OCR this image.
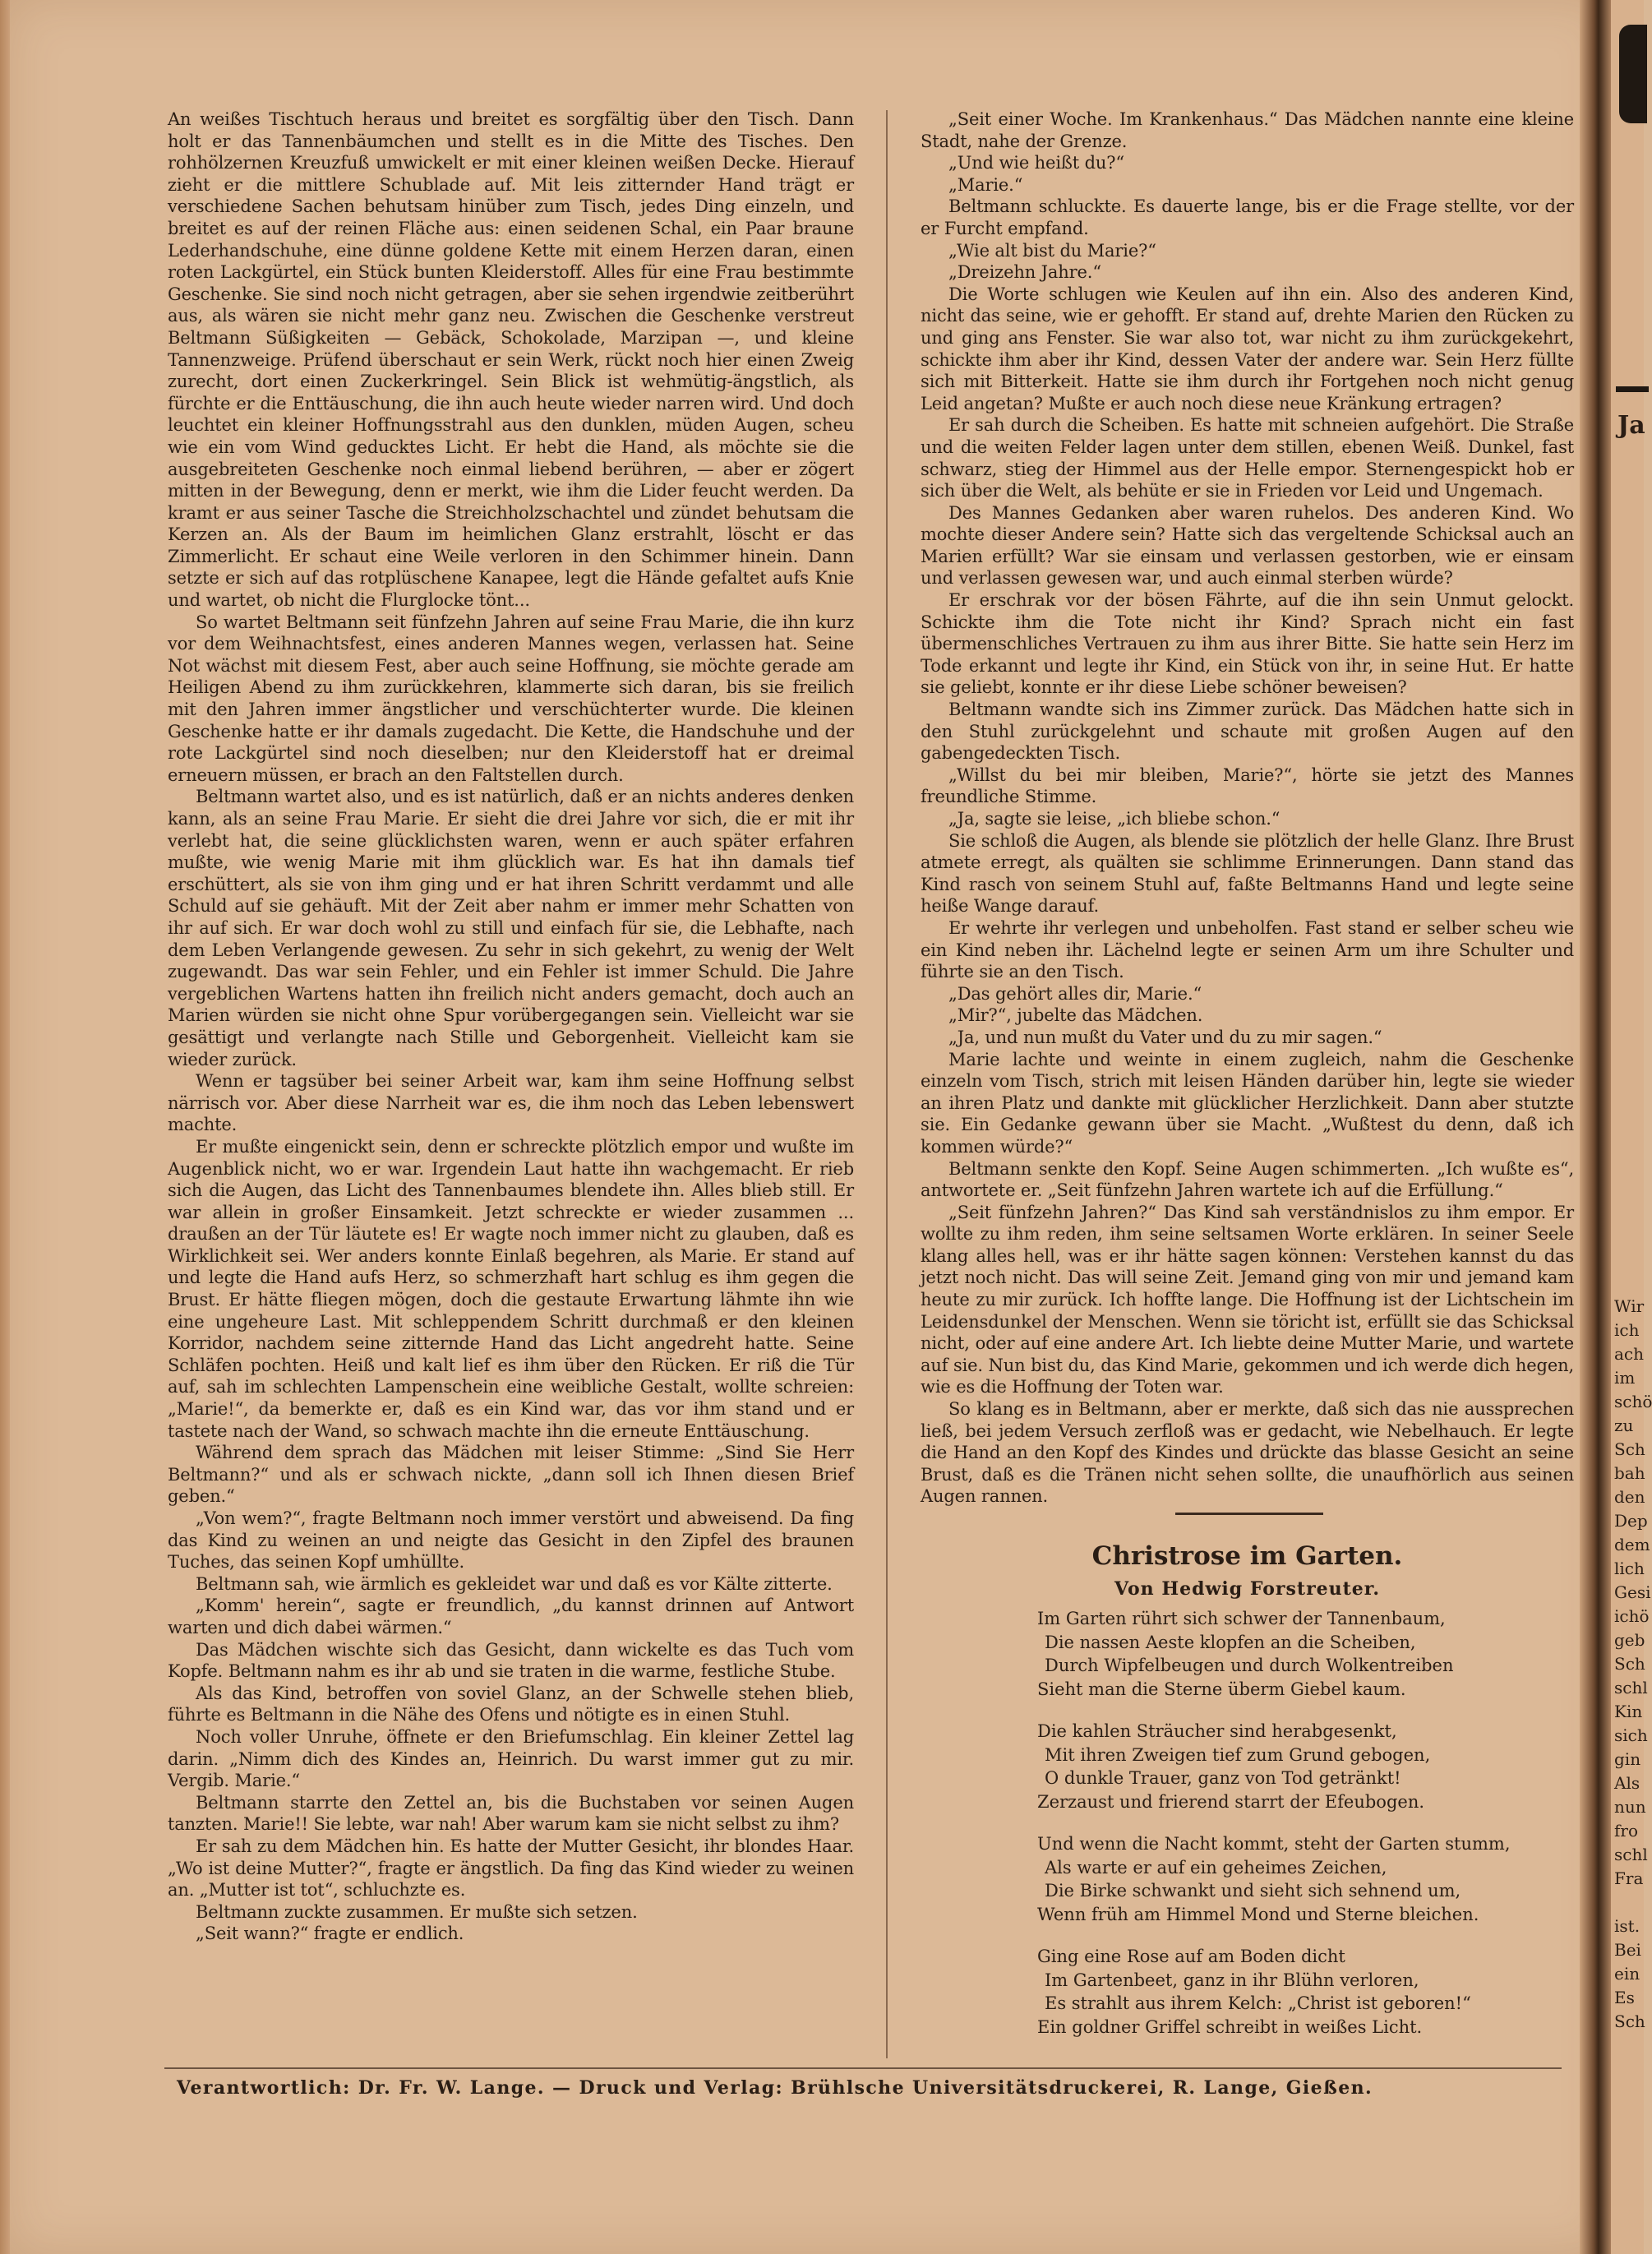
An weißes Tischtuch heraus und breitet es sorgfältig über den Tisch. Dann holt er das Tannenbäumchen und stellt es in die Mitte des Tisches. Den rohhölzernen Kreuzfuß umwickelt er mit einer kleinen weißen Decke. Hierauf zieht er die mittlere Schublade auf. Mit leis zitternder Hand trägt er verschiedene Sachen behutsam hinüber zum Tisch, jedes Ding einzeln, und breitet es auf der reinen Fläche aus: einen seidenen Schal, ein Paar braune Lederhandschuhe, eine dünne goldene Kette mit einem Herzen daran, einen roten Lackgürtel, ein Stück bunten Kleiderstoff. Alles für eine Frau bestimmte Geschenke. Sie sind noch nicht getragen, aber sie sehen irgendwie zeitberührt aus, als wären sie nicht mehr ganz neu. Zwischen die Geschenke verstreut Beltmann Süßigkeiten — Gebäck, Schokolade, Marzipan —, und kleine Tannenzweige. Prüfend überschaut er sein Werk, rückt noch hier einen Zweig zurecht, dort einen Zuckerkringel. Sein Blick ist wehmütig-ängstlich, als fürchte er die Enttäuschung, die ihn auch heute wieder narren wird. Und doch leuchtet ein kleiner Hoffnungsstrahl aus den dunklen, müden Augen, scheu wie ein vom Wind geducktes Licht. Er hebt die Hand, als möchte sie die ausgebreiteten Geschenke noch einmal liebend berühren, — aber er zögert mitten in der Bewegung, denn er merkt, wie ihm die Lider feucht werden. Da kramt er aus seiner Tasche die Streichholzschachtel und zündet behutsam die Kerzen an. Als der Baum im heimlichen Glanz erstrahlt, löscht er das Zimmerlicht. Er schaut eine Weile verloren in den Schimmer hinein. Dann setzte er sich auf das rotplüschene Kanapee, legt die Hände gefaltet aufs Knie und wartet, ob nicht die Flurglocke tönt...

So wartet Beltmann seit fünfzehn Jahren auf seine Frau Marie, die ihn kurz vor dem Weihnachtsfest, eines anderen Mannes wegen, verlassen hat. Seine Not wächst mit diesem Fest, aber auch seine Hoffnung, sie möchte gerade am Heiligen Abend zu ihm zurückkehren, klammerte sich daran, bis sie freilich mit den Jahren immer ängstlicher und verschüchterter wurde. Die kleinen Geschenke hatte er ihr damals zugedacht. Die Kette, die Handschuhe und der rote Lackgürtel sind noch dieselben; nur den Kleiderstoff hat er dreimal erneuern müssen, er brach an den Faltstellen durch.

Beltmann wartet also, und es ist natürlich, daß er an nichts anderes denken kann, als an seine Frau Marie. Er sieht die drei Jahre vor sich, die er mit ihr verlebt hat, die seine glücklichsten waren, wenn er auch später erfahren mußte, wie wenig Marie mit ihm glücklich war. Es hat ihn damals tief erschüttert, als sie von ihm ging und er hat ihren Schritt verdammt und alle Schuld auf sie gehäuft. Mit der Zeit aber nahm er immer mehr Schatten von ihr auf sich. Er war doch wohl zu still und einfach für sie, die Lebhafte, nach dem Leben Verlangende gewesen. Zu sehr in sich gekehrt, zu wenig der Welt zugewandt. Das war sein Fehler, und ein Fehler ist immer Schuld. Die Jahre vergeblichen Wartens hatten ihn freilich nicht anders gemacht, doch auch an Marien würden sie nicht ohne Spur vorübergegangen sein. Vielleicht war sie gesättigt und verlangte nach Stille und Geborgenheit. Vielleicht kam sie wieder zurück.

Wenn er tagsüber bei seiner Arbeit war, kam ihm seine Hoffnung selbst närrisch vor. Aber diese Narrheit war es, die ihm noch das Leben lebenswert machte.

Er mußte eingenickt sein, denn er schreckte plötzlich empor und wußte im Augenblick nicht, wo er war. Irgendein Laut hatte ihn wachgemacht. Er rieb sich die Augen, das Licht des Tannenbaumes blendete ihn. Alles blieb still. Er war allein in großer Einsamkeit. Jetzt schreckte er wieder zusammen ... draußen an der Tür läutete es! Er wagte noch immer nicht zu glauben, daß es Wirklichkeit sei. Wer anders konnte Einlaß begehren, als Marie. Er stand auf und legte die Hand aufs Herz, so schmerzhaft hart schlug es ihm gegen die Brust. Er hätte fliegen mögen, doch die gestaute Erwartung lähmte ihn wie eine ungeheure Last. Mit schleppendem Schritt durchmaß er den kleinen Korridor, nachdem seine zitternde Hand das Licht angedreht hatte. Seine Schläfen pochten. Heiß und kalt lief es ihm über den Rücken. Er riß die Tür auf, sah im schlechten Lampenschein eine weibliche Gestalt, wollte schreien: „Marie!“, da bemerkte er, daß es ein Kind war, das vor ihm stand und er tastete nach der Wand, so schwach machte ihn die erneute Enttäuschung.

Während dem sprach das Mädchen mit leiser Stimme: „Sind Sie Herr Beltmann?“ und als er schwach nickte, „dann soll ich Ihnen diesen Brief geben.“

„Von wem?“, fragte Beltmann noch immer verstört und abweisend. Da fing das Kind zu weinen an und neigte das Gesicht in den Zipfel des braunen Tuches, das seinen Kopf umhüllte.

Beltmann sah, wie ärmlich es gekleidet war und daß es vor Kälte zitterte.

„Komm' herein“, sagte er freundlich, „du kannst drinnen auf Antwort warten und dich dabei wärmen.“

Das Mädchen wischte sich das Gesicht, dann wickelte es das Tuch vom Kopfe. Beltmann nahm es ihr ab und sie traten in die warme, festliche Stube.

Als das Kind, betroffen von soviel Glanz, an der Schwelle stehen blieb, führte es Beltmann in die Nähe des Ofens und nötigte es in einen Stuhl.

Noch voller Unruhe, öffnete er den Briefumschlag. Ein kleiner Zettel lag darin. „Nimm dich des Kindes an, Heinrich. Du warst immer gut zu mir. Vergib. Marie.“

Beltmann starrte den Zettel an, bis die Buchstaben vor seinen Augen tanzten. Marie!! Sie lebte, war nah! Aber warum kam sie nicht selbst zu ihm?

Er sah zu dem Mädchen hin. Es hatte der Mutter Gesicht, ihr blondes Haar. „Wo ist deine Mutter?“, fragte er ängstlich. Da fing das Kind wieder zu weinen an. „Mutter ist tot“, schluchzte es.

Beltmann zuckte zusammen. Er mußte sich setzen.

„Seit wann?“ fragte er endlich.

„Seit einer Woche. Im Krankenhaus.“ Das Mädchen nannte eine kleine Stadt, nahe der Grenze.

„Und wie heißt du?“

„Marie.“

Beltmann schluckte. Es dauerte lange, bis er die Frage stellte, vor der er Furcht empfand.

„Wie alt bist du Marie?“

„Dreizehn Jahre.“

Die Worte schlugen wie Keulen auf ihn ein. Also des anderen Kind, nicht das seine, wie er gehofft. Er stand auf, drehte Marien den Rücken zu und ging ans Fenster. Sie war also tot, war nicht zu ihm zurückgekehrt, schickte ihm aber ihr Kind, dessen Vater der andere war. Sein Herz füllte sich mit Bitterkeit. Hatte sie ihm durch ihr Fortgehen noch nicht genug Leid angetan? Mußte er auch noch diese neue Kränkung ertragen?

Er sah durch die Scheiben. Es hatte mit schneien aufgehört. Die Straße und die weiten Felder lagen unter dem stillen, ebenen Weiß. Dunkel, fast schwarz, stieg der Himmel aus der Helle empor. Sternengespickt hob er sich über die Welt, als behüte er sie in Frieden vor Leid und Ungemach.

Des Mannes Gedanken aber waren ruhelos. Des anderen Kind. Wo mochte dieser Andere sein? Hatte sich das vergeltende Schicksal auch an Marien erfüllt? War sie einsam und verlassen gestorben, wie er einsam und verlassen gewesen war, und auch einmal sterben würde?

Er erschrak vor der bösen Fährte, auf die ihn sein Unmut gelockt. Schickte ihm die Tote nicht ihr Kind? Sprach nicht ein fast übermenschliches Vertrauen zu ihm aus ihrer Bitte. Sie hatte sein Herz im Tode erkannt und legte ihr Kind, ein Stück von ihr, in seine Hut. Er hatte sie geliebt, konnte er ihr diese Liebe schöner beweisen?

Beltmann wandte sich ins Zimmer zurück. Das Mädchen hatte sich in den Stuhl zurückgelehnt und schaute mit großen Augen auf den gabengedeckten Tisch.

„Willst du bei mir bleiben, Marie?“, hörte sie jetzt des Mannes freundliche Stimme.

„Ja, sagte sie leise, „ich bliebe schon.“

Sie schloß die Augen, als blende sie plötzlich der helle Glanz. Ihre Brust atmete erregt, als quälten sie schlimme Erinnerungen. Dann stand das Kind rasch von seinem Stuhl auf, faßte Beltmanns Hand und legte seine heiße Wange darauf.

Er wehrte ihr verlegen und unbeholfen. Fast stand er selber scheu wie ein Kind neben ihr. Lächelnd legte er seinen Arm um ihre Schulter und führte sie an den Tisch.

„Das gehört alles dir, Marie.“

„Mir?“, jubelte das Mädchen.

„Ja, und nun mußt du Vater und du zu mir sagen.“

Marie lachte und weinte in einem zugleich, nahm die Geschenke einzeln vom Tisch, strich mit leisen Händen darüber hin, legte sie wieder an ihren Platz und dankte mit glücklicher Herzlichkeit. Dann aber stutzte sie. Ein Gedanke gewann über sie Macht. „Wußtest du denn, daß ich kommen würde?“

Beltmann senkte den Kopf. Seine Augen schimmerten. „Ich wußte es“, antwortete er. „Seit fünfzehn Jahren wartete ich auf die Erfüllung.“

„Seit fünfzehn Jahren?“ Das Kind sah verständnislos zu ihm empor. Er wollte zu ihm reden, ihm seine seltsamen Worte erklären. In seiner Seele klang alles hell, was er ihr hätte sagen können: Verstehen kannst du das jetzt noch nicht. Das will seine Zeit. Jemand ging von mir und jemand kam heute zu mir zurück. Ich hoffte lange. Die Hoffnung ist der Lichtschein im Leidensdunkel der Menschen. Wenn sie töricht ist, erfüllt sie das Schicksal nicht, oder auf eine andere Art. Ich liebte deine Mutter Marie, und wartete auf sie. Nun bist du, das Kind Marie, gekommen und ich werde dich hegen, wie es die Hoffnung der Toten war.

So klang es in Beltmann, aber er merkte, daß sich das nie aussprechen ließ, bei jedem Versuch zerfloß was er gedacht, wie Nebelhauch. Er legte die Hand an den Kopf des Kindes und drückte das blasse Gesicht an seine Brust, daß es die Tränen nicht sehen sollte, die unaufhörlich aus seinen Augen rannen.

Christrose im Garten.
Von Hedwig Forstreuter.
Im Garten rührt sich schwer der Tannenbaum,
Die nassen Aeste klopfen an die Scheiben,
Durch Wipfelbeugen und durch Wolkentreiben
Sieht man die Sterne überm Giebel kaum.
Die kahlen Sträucher sind herabgesenkt,
Mit ihren Zweigen tief zum Grund gebogen,
O dunkle Trauer, ganz von Tod getränkt!
Zerzaust und frierend starrt der Efeubogen.
Und wenn die Nacht kommt, steht der Garten stumm,
Als warte er auf ein geheimes Zeichen,
Die Birke schwankt und sieht sich sehnend um,
Wenn früh am Himmel Mond und Sterne bleichen.
Ging eine Rose auf am Boden dicht
Im Gartenbeet, ganz in ihr Blühn verloren,
Es strahlt aus ihrem Kelch: „Christ ist geboren!“
Ein goldner Griffel schreibt in weißes Licht.
Verantwortlich: Dr. Fr. W. Lange. — Druck und Verlag: Brühlsche Universitätsdruckerei, R. Lange, Gießen.
Ja
Wir
ich
ach
im
schö
zu
Sch
bah
den
Dep
dem
lich
Gesi
ichö
geb
Sch
schl
Kin
sich
gin
Als
nun
fro
schl
Fra
ist.
Bei
ein
Es
Sch
